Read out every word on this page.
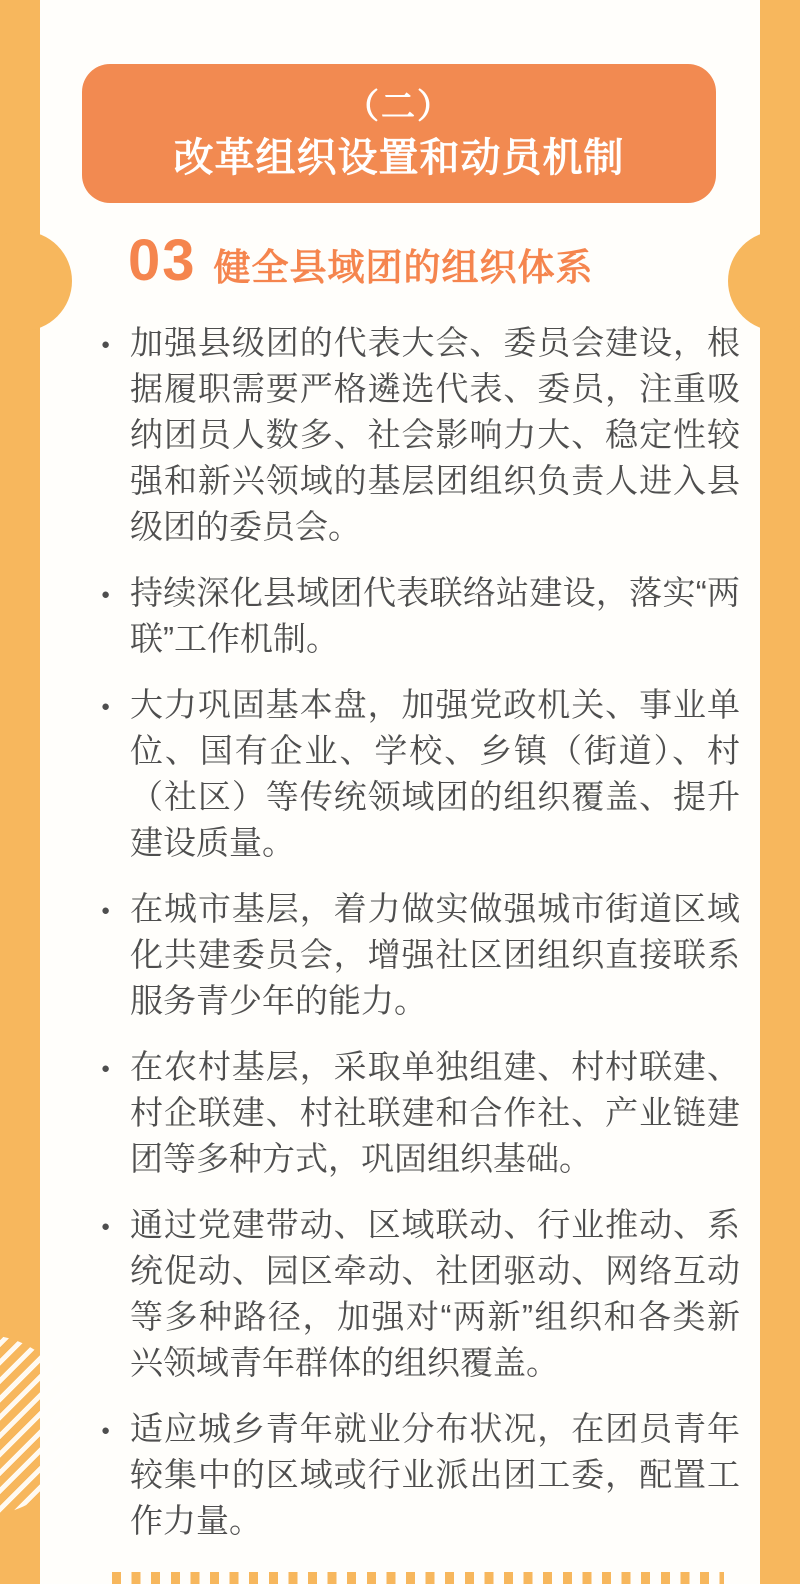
（二）
改革组织设置和动员机制
03 健全县域团的组织体系
● 加强县级团的代表大会、委员会建设，根据履职需要严格遴选代表、委员，注重吸纳团员人数多、社会影响力大、稳定性较强和新兴领域的基层团组织负责人进入县级团的委员会。
● 持续深化县域团代表联络站建设，落实“两联”工作机制。
● 大力巩固基本盘，加强党政机关、事业单位、国有企业、学校、乡镇（街道）、村（社区）等传统领域团的组织覆盖、提升建设质量。
● 在城市基层，着力做实做强城市街道区域化共建委员会，增强社区团组织直接联系服务青少年的能力。
● 在农村基层，采取单独组建、村村联建、村企联建、村社联建和合作社、产业链建团等多种方式，巩固组织基础。
● 通过党建带动、区域联动、行业推动、系统促动、园区牵动、社团驱动、网络互动等多种路径，加强对“两新”组织和各类新兴领域青年群体的组织覆盖。
● 适应城乡青年就业分布状况，在团员青年较集中的区域或行业派出团工委，配置工作力量。
